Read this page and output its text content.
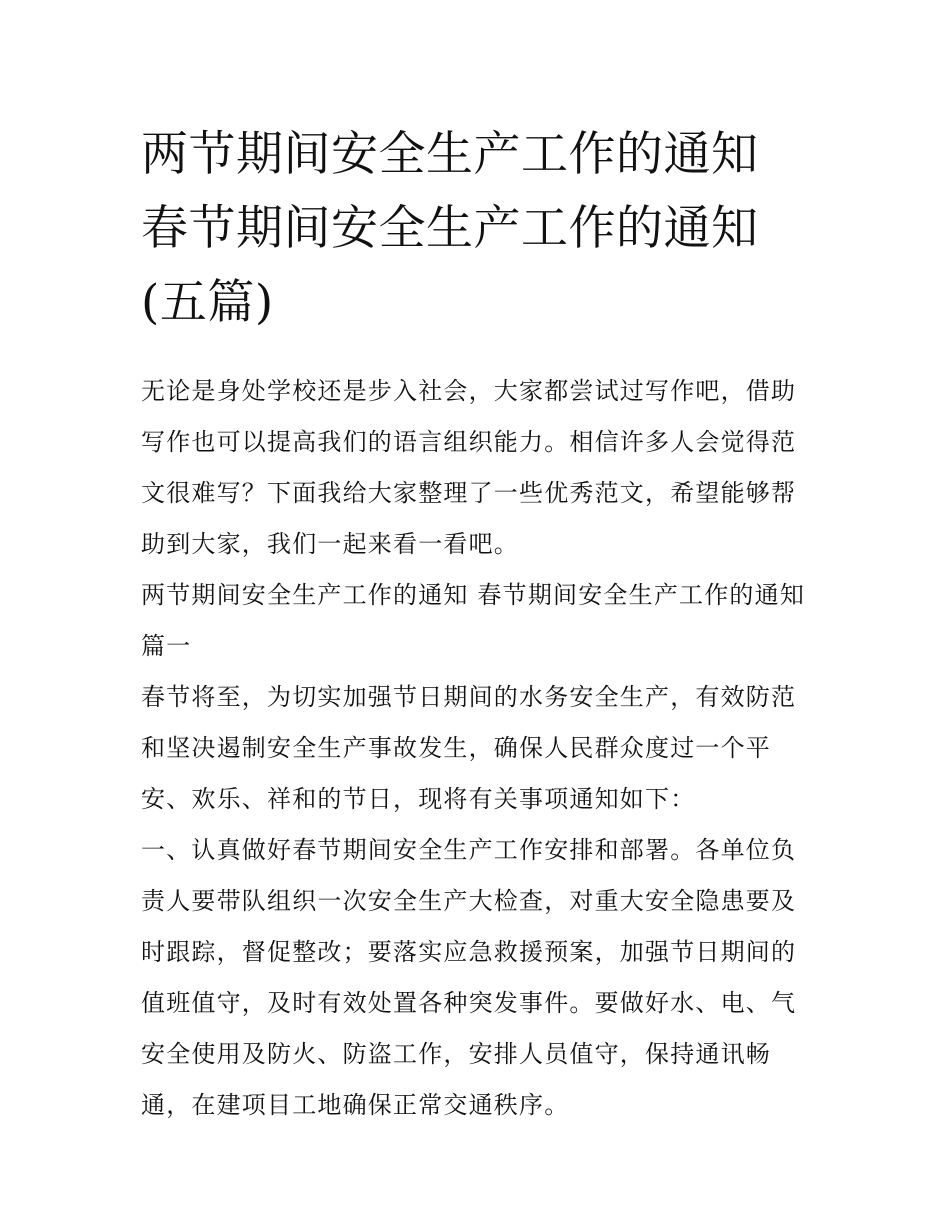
两节期间安全生产工作的通知
春节期间安全生产工作的通知
(五篇)

无论是身处学校还是步入社会，大家都尝试过写作吧，借助写作也可以提高我们的语言组织能力。相信许多人会觉得范文很难写？下面我给大家整理了一些优秀范文，希望能够帮助到大家，我们一起来看一看吧。

两节期间安全生产工作的通知 春节期间安全生产工作的通知篇一

春节将至，为切实加强节日期间的水务安全生产，有效防范和坚决遏制安全生产事故发生，确保人民群众度过一个平安、欢乐、祥和的节日，现将有关事项通知如下：

一、认真做好春节期间安全生产工作安排和部署。各单位负责人要带队组织一次安全生产大检查，对重大安全隐患要及时跟踪，督促整改；要落实应急救援预案，加强节日期间的值班值守，及时有效处置各种突发事件。要做好水、电、气安全使用及防火、防盗工作，安排人员值守，保持通讯畅通，在建项目工地确保正常交通秩序。
